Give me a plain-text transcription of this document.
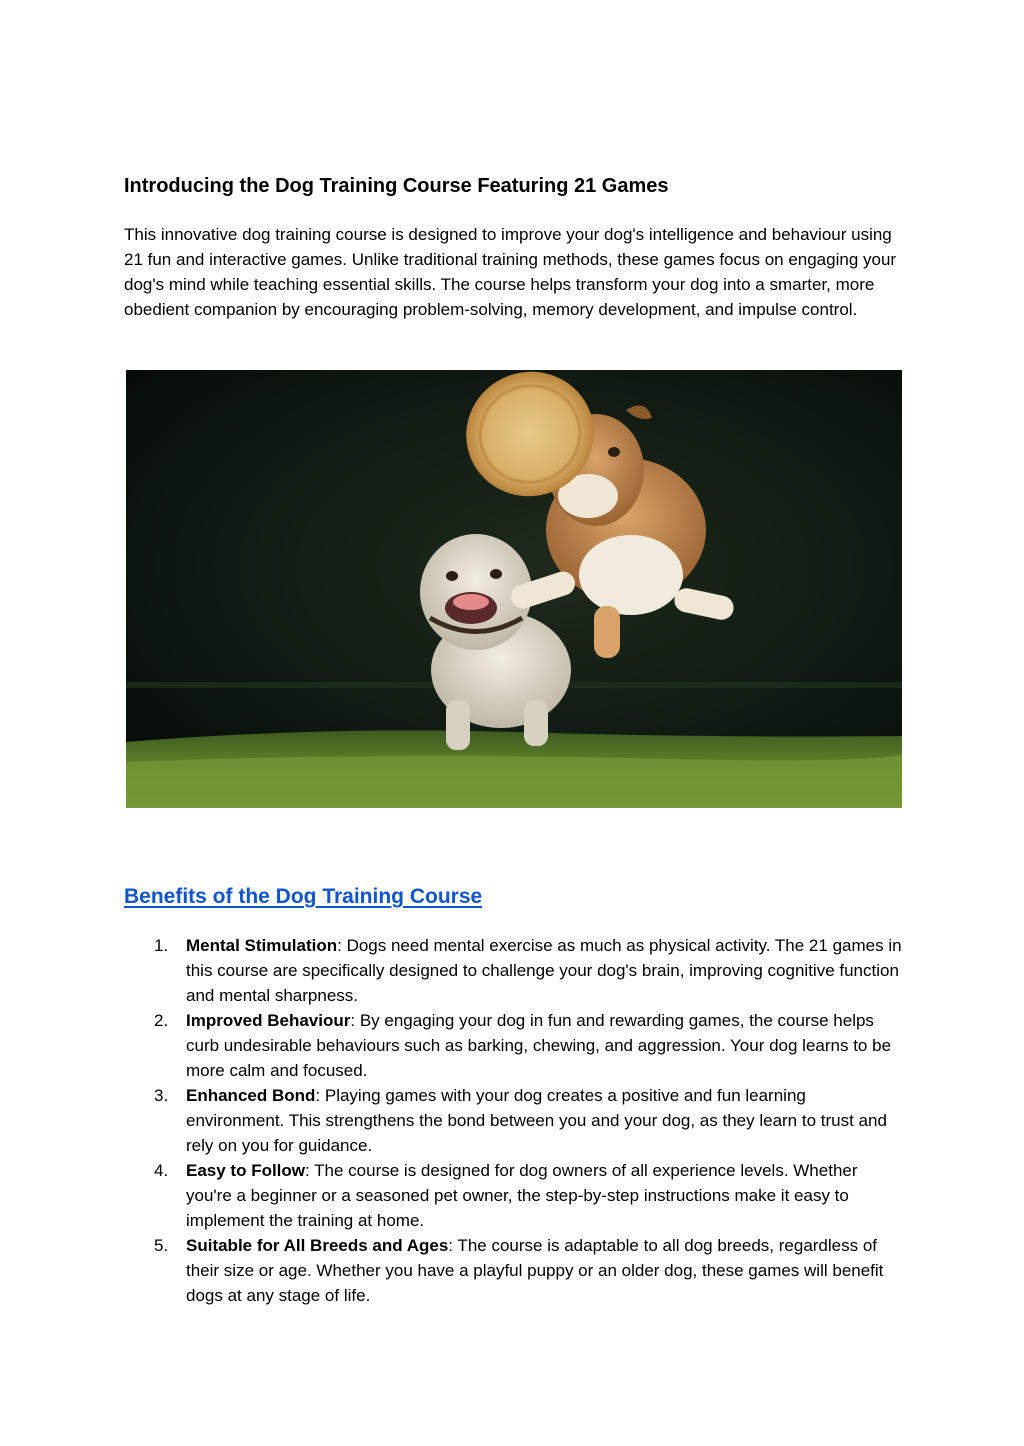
Introducing the Dog Training Course Featuring 21 Games

This innovative dog training course is designed to improve your dog's intelligence and behaviour using 21 fun and interactive games. Unlike traditional training methods, these games focus on engaging your dog's mind while teaching essential skills. The course helps transform your dog into a smarter, more obedient companion by encouraging problem-solving, memory development, and impulse control.

Benefits of the Dog Training Course
1. Mental Stimulation: Dogs need mental exercise as much as physical activity. The 21 games in this course are specifically designed to challenge your dog's brain, improving cognitive function and mental sharpness.
2. Improved Behaviour: By engaging your dog in fun and rewarding games, the course helps curb undesirable behaviours such as barking, chewing, and aggression. Your dog learns to be more calm and focused.
3. Enhanced Bond: Playing games with your dog creates a positive and fun learning environment. This strengthens the bond between you and your dog, as they learn to trust and rely on you for guidance.
4. Easy to Follow: The course is designed for dog owners of all experience levels. Whether you're a beginner or a seasoned pet owner, the step-by-step instructions make it easy to implement the training at home.
5. Suitable for All Breeds and Ages: The course is adaptable to all dog breeds, regardless of their size or age. Whether you have a playful puppy or an older dog, these games will benefit dogs at any stage of life.
